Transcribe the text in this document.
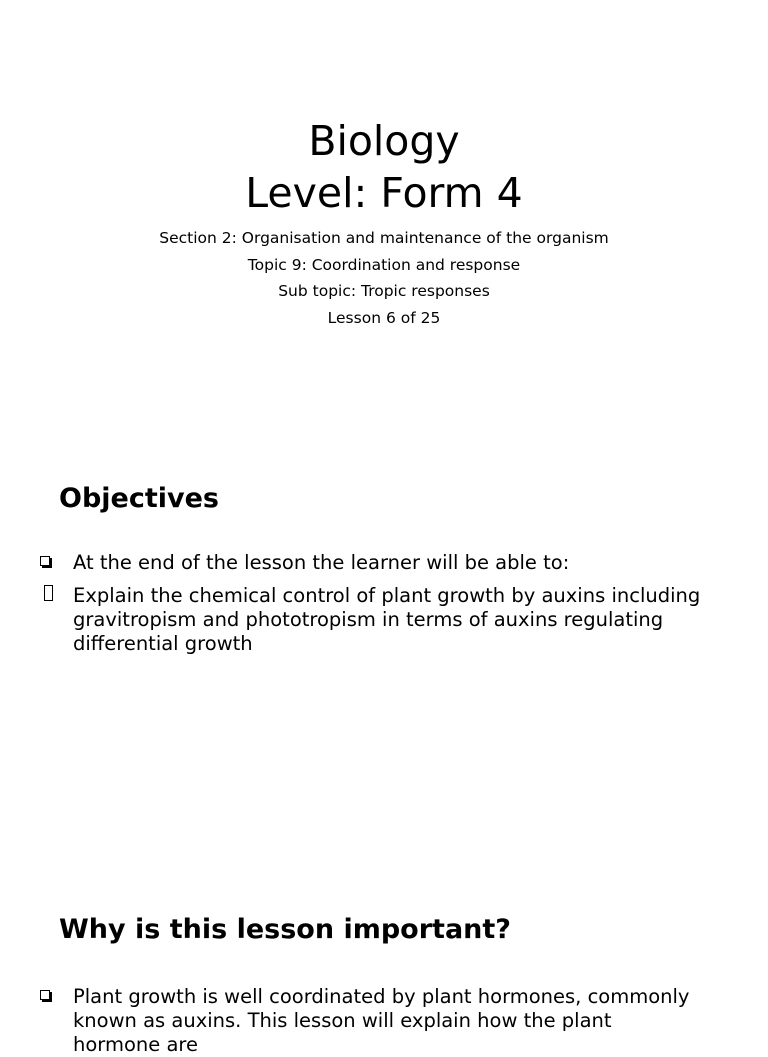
Biology
Level: Form 4
Section 2: Organisation and maintenance of the organism
Topic 9: Coordination and response
Sub topic: Tropic responses
Lesson 6 of 25
Objectives
At the end of the lesson the learner will be able to:
Explain the chemical control of plant growth by auxins including gravitropism and phototropism in terms of auxins regulating differential growth
Why is this lesson important?
Plant growth is well coordinated by plant hormones, commonly known as auxins. This lesson will explain how the plant hormone are
